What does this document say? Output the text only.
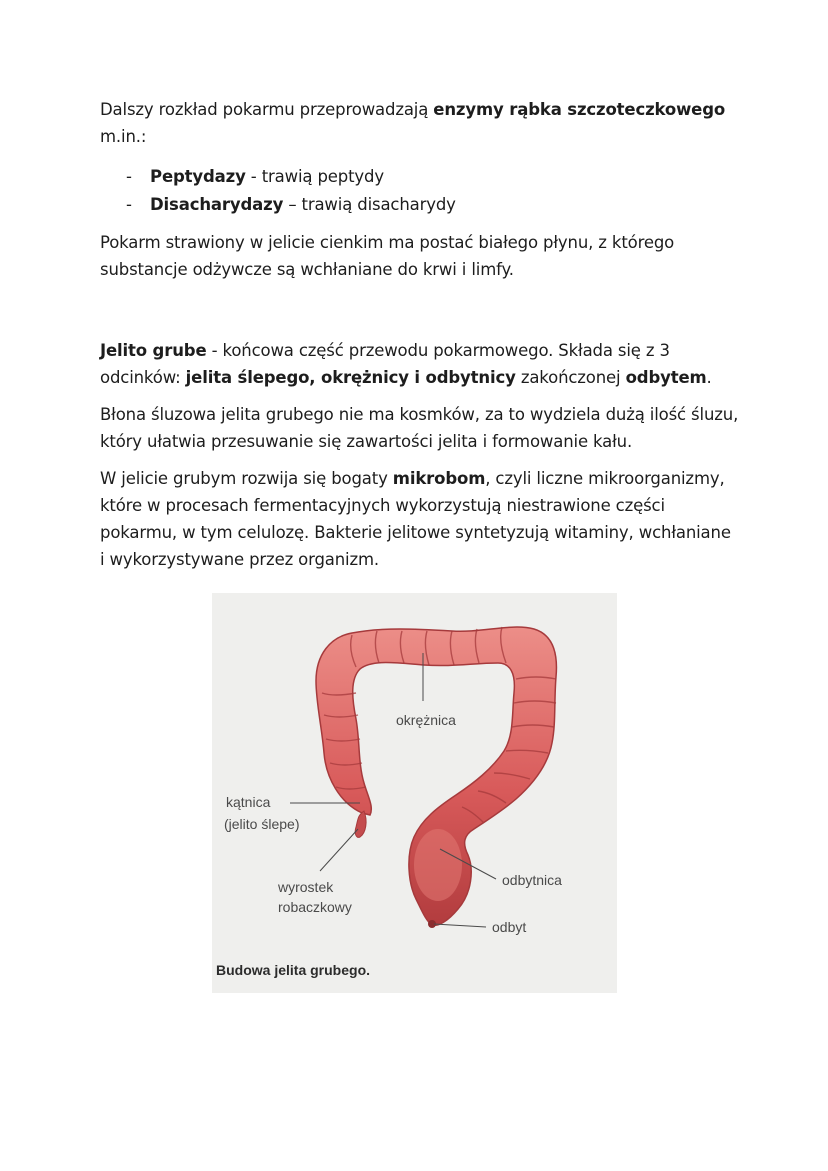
Dalszy rozkład pokarmu przeprowadzają enzymy rąbka szczoteczkowego m.in.:

- Peptydazy - trawią peptydy
- Disacharydazy – trawią disacharydy

Pokarm strawiony w jelicie cienkim ma postać białego płynu, z którego substancje odżywcze są wchłaniane do krwi i limfy.

Jelito grube - końcowa część przewodu pokarmowego. Składa się z 3 odcinków: jelita ślepego, okrężnicy i odbytnicy zakończonej odbytem.

Błona śluzowa jelita grubego nie ma kosmków, za to wydziela dużą ilość śluzu, który ułatwia przesuwanie się zawartości jelita i formowanie kału.

W jelicie grubym rozwija się bogaty mikrobom, czyli liczne mikroorganizmy, które w procesach fermentacyjnych wykorzystują niestrawione części pokarmu, w tym celulozę. Bakterie jelitowe syntetyzują witaminy, wchłaniane i wykorzystywane przez organizm.

okrężnica
kątnica
(jelito ślepe)
wyrostek
robaczkowy
odbytnica
odbyt
Budowa jelita grubego.
